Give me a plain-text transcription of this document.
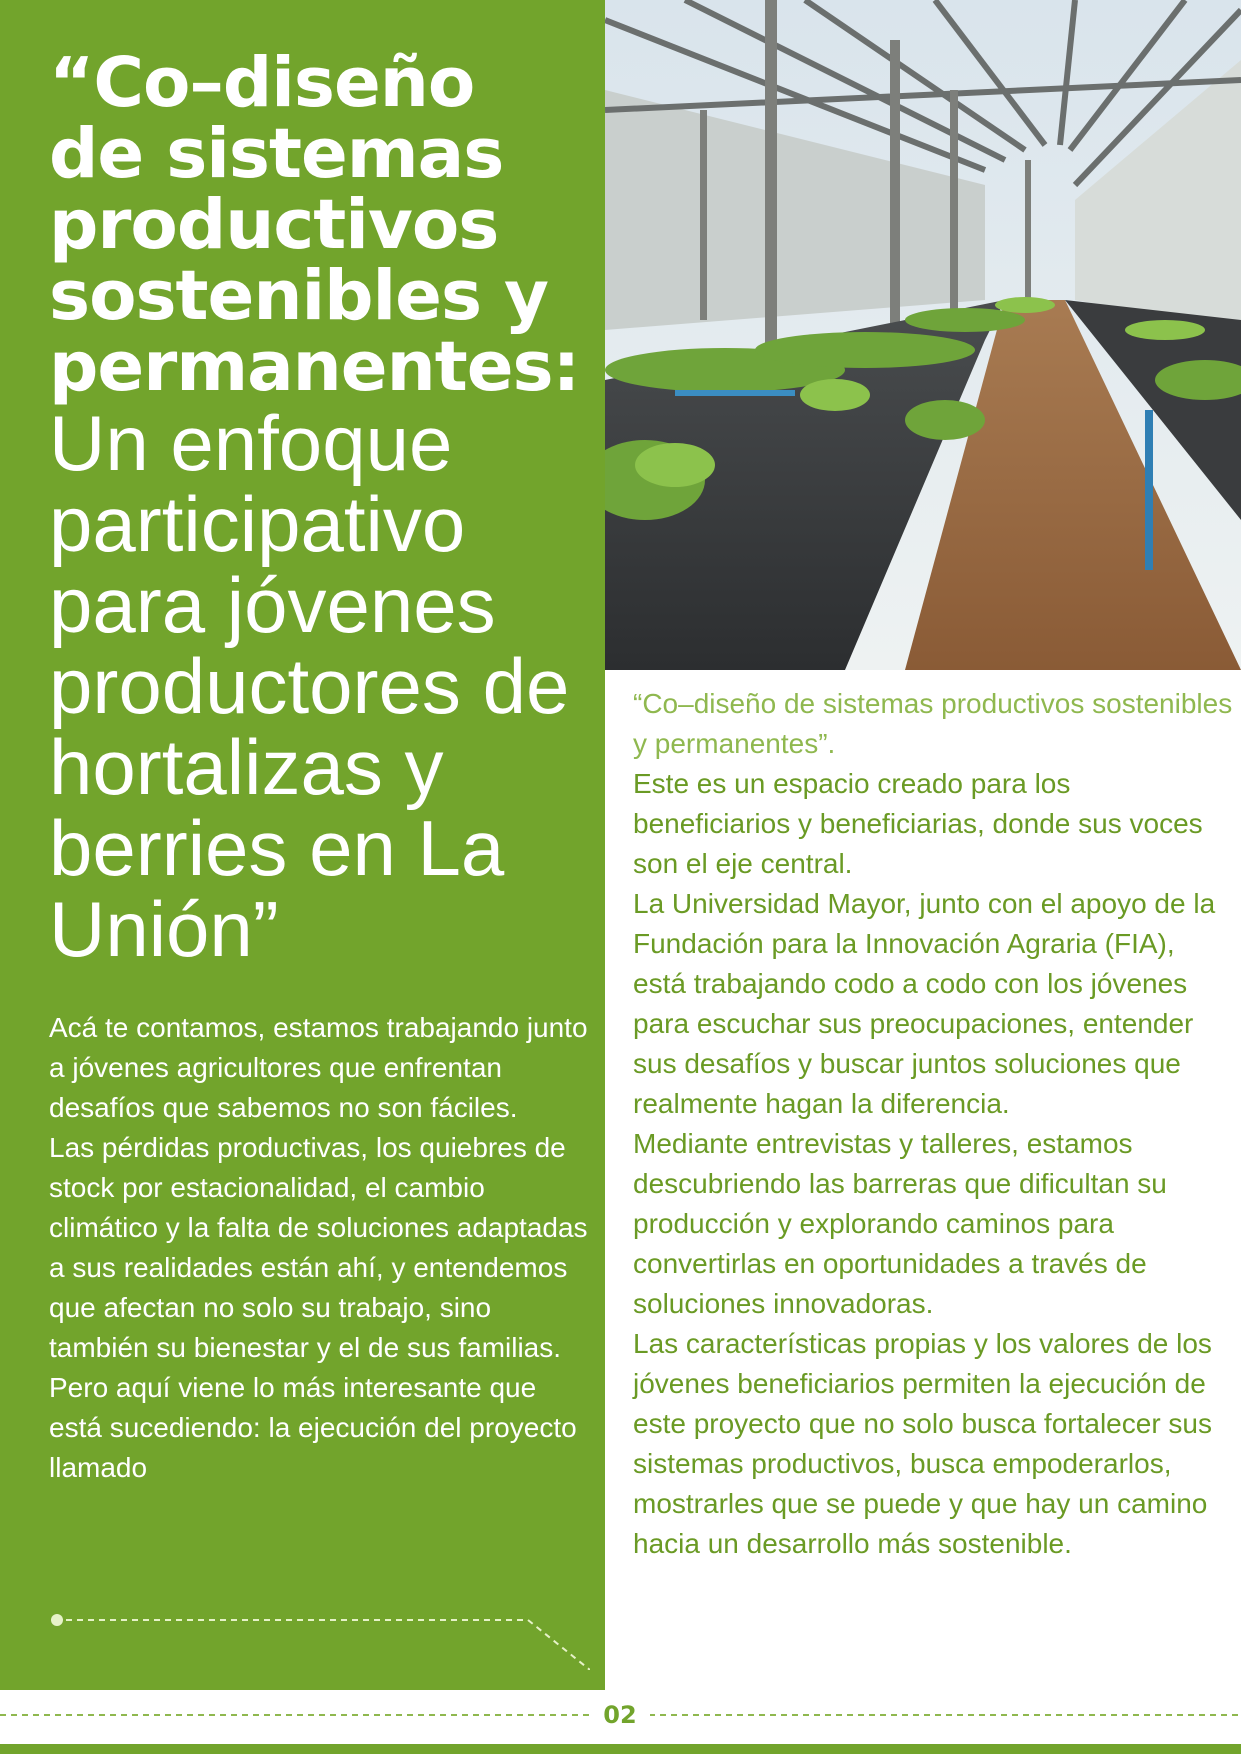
“Co–diseño
de sistemas
productivos
sostenibles y
permanentes:
Un enfoque
participativo
para jóvenes
productores de
hortalizas y
berries en La
Unión”

Acá te contamos, estamos trabajando junto a jóvenes agricultores que enfrentan desafíos que sabemos no son fáciles.

Las pérdidas productivas, los quiebres de stock por estacionalidad, el cambio climático y la falta de soluciones adaptadas a sus realidades están ahí, y entendemos que afectan no solo su trabajo, sino también su bienestar y el de sus familias.

Pero aquí viene lo más interesante que está sucediendo: la ejecución del proyecto llamado

“Co–diseño de sistemas productivos sostenibles y permanentes”.

Este es un espacio creado para los beneficiarios y beneficiarias, donde sus voces son el eje central.

La Universidad Mayor, junto con el apoyo de la Fundación para la Innovación Agraria (FIA), está trabajando codo a codo con los jóvenes para escuchar sus preocupaciones, entender sus desafíos y buscar juntos soluciones que realmente hagan la diferencia.

Mediante entrevistas y talleres, estamos descubriendo las barreras que dificultan su producción y explorando caminos para convertirlas en oportunidades a través de soluciones innovadoras.

Las características propias y los valores de los jóvenes beneficiarios permiten la ejecución de este proyecto que no solo busca fortalecer sus sistemas productivos, busca empoderarlos, mostrarles que se puede y que hay un camino hacia un desarrollo más sostenible.

02
